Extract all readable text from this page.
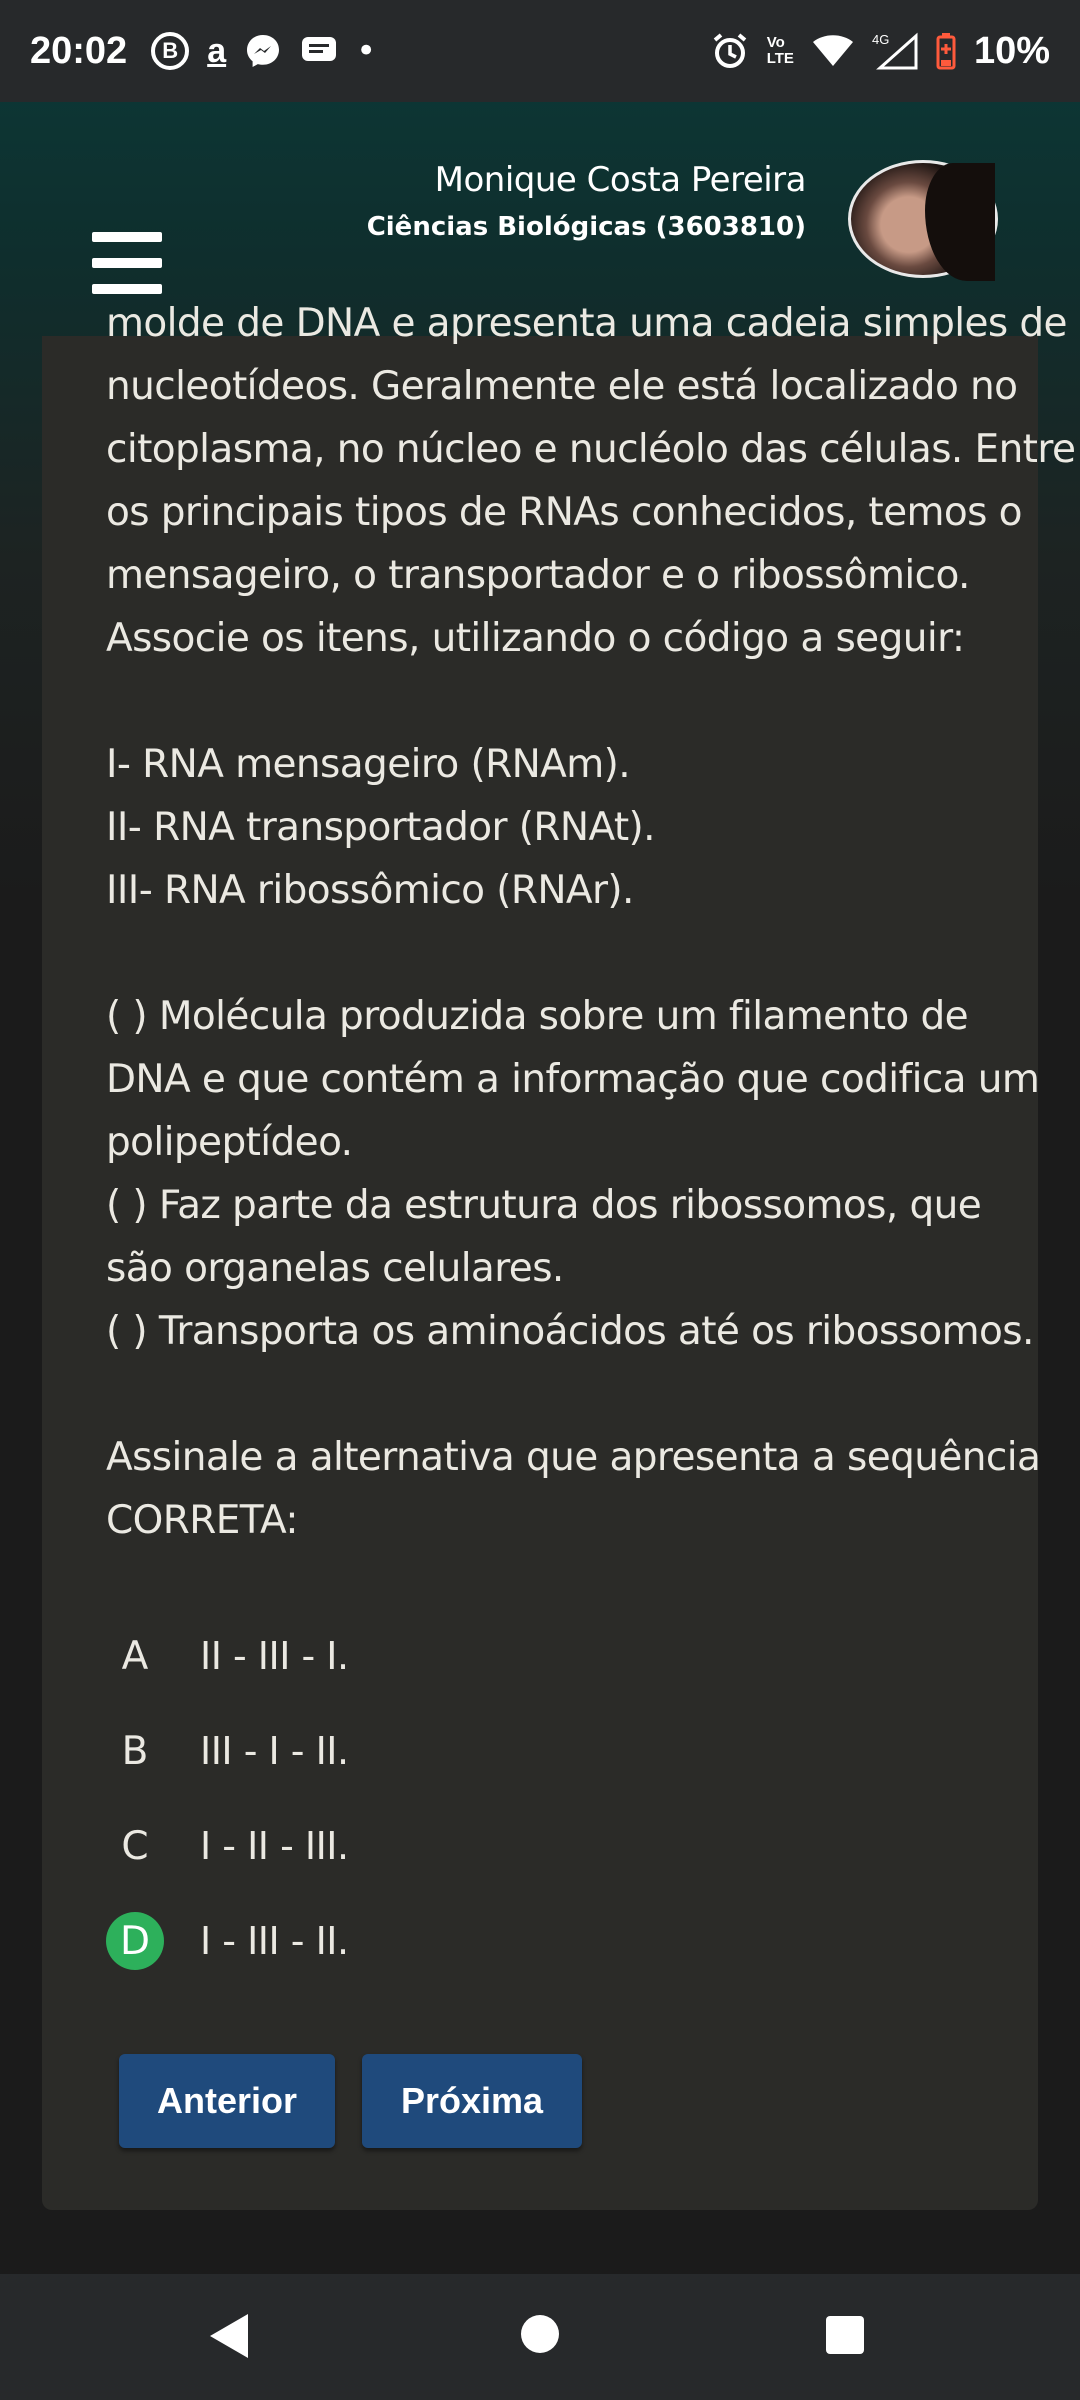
20:02	B a	•	Vo
LTE
4G 10%
Monique Costa Pereira
Ciências Biológicas (3603810)

molde de DNA e apresenta uma cadeia simples de

nucleotídeos. Geralmente ele está localizado no

citoplasma, no núcleo e nucléolo das células. Entre

os principais tipos de RNAs conhecidos, temos o

mensageiro, o transportador e o ribossômico.

Associe os itens, utilizando o código a seguir:

I- RNA mensageiro (RNAm).

II- RNA transportador (RNAt).

III- RNA ribossômico (RNAr).

( ) Molécula produzida sobre um filamento de

DNA e que contém a informação que codifica um

polipeptídeo.

( ) Faz parte da estrutura dos ribossomos, que

são organelas celulares.

( ) Transporta os aminoácidos até os ribossomos.

Assinale a alternativa que apresenta a sequência

CORRETA:

A	II - III - I.
B	III - I - II.
C	I - II - III.
D	I - III - II.
Anterior	Próxima
